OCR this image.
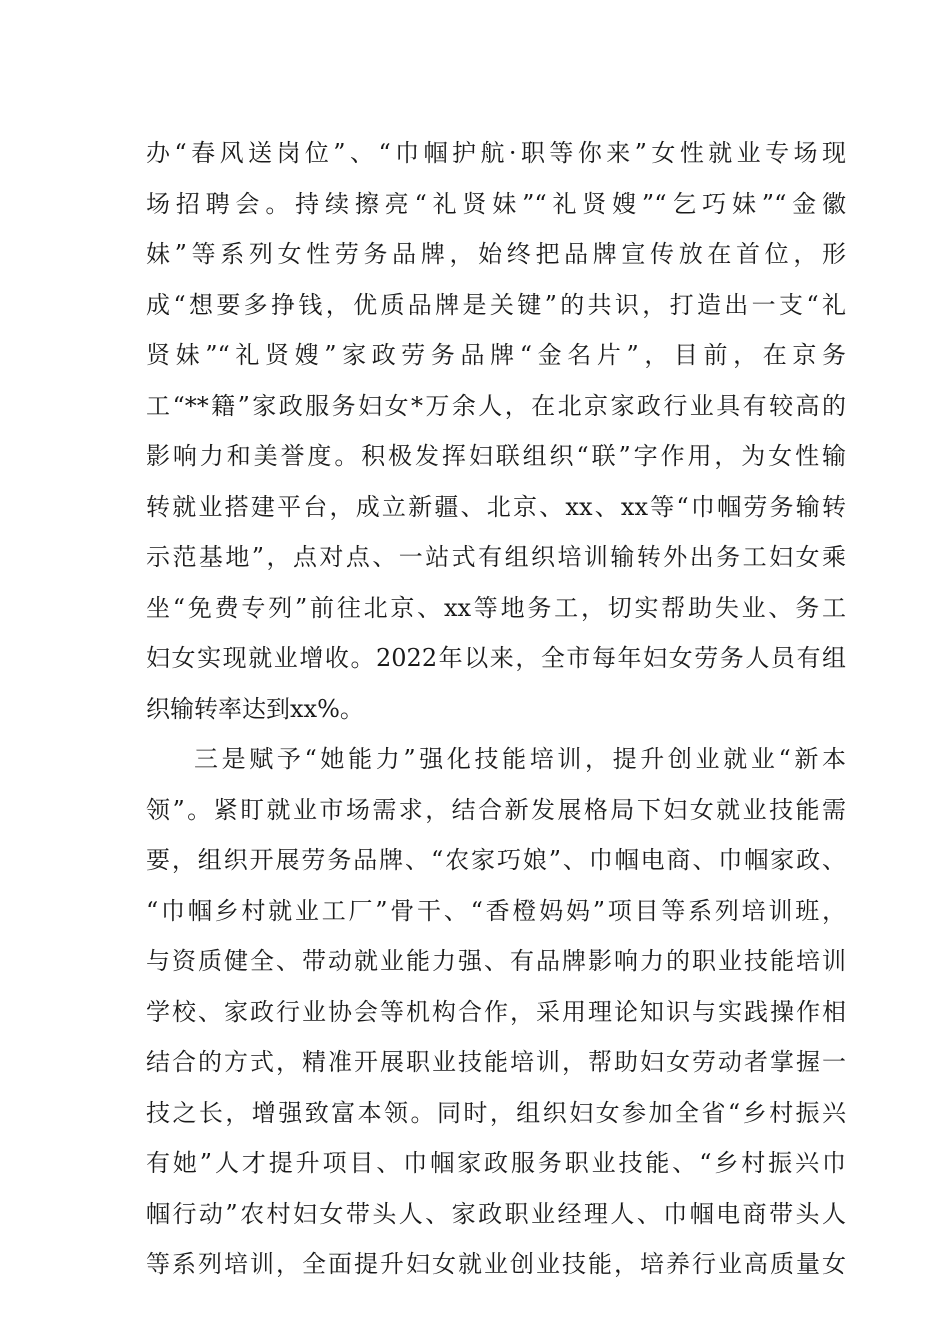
办“春风送岗位”、“巾帼护航·职等你来”女性就业专场现
场招聘会。持续擦亮“礼贤妹”“礼贤嫂”“乞巧妹”“金徽
妹”等系列女性劳务品牌，始终把品牌宣传放在首位，形
成“想要多挣钱，优质品牌是关键”的共识，打造出一支“礼
贤妹”“礼贤嫂”家政劳务品牌“金名片”，目前，在京务
工“**籍”家政服务妇女*万余人，在北京家政行业具有较高的
影响力和美誉度。积极发挥妇联组织“联”字作用，为女性输
转就业搭建平台，成立新疆、北京、xx、xx等“巾帼劳务输转
示范基地”，点对点、一站式有组织培训输转外出务工妇女乘
坐“免费专列”前往北京、xx等地务工，切实帮助失业、务工
妇女实现就业增收。2022年以来，全市每年妇女劳务人员有组
织输转率达到xx%。
三是赋予“她能力”强化技能培训，提升创业就业“新本
领”。紧盯就业市场需求，结合新发展格局下妇女就业技能需
要，组织开展劳务品牌、“农家巧娘”、巾帼电商、巾帼家政、
“巾帼乡村就业工厂”骨干、“香橙妈妈”项目等系列培训班，
与资质健全、带动就业能力强、有品牌影响力的职业技能培训
学校、家政行业协会等机构合作，采用理论知识与实践操作相
结合的方式，精准开展职业技能培训，帮助妇女劳动者掌握一
技之长，增强致富本领。同时，组织妇女参加全省“乡村振兴
有她”人才提升项目、巾帼家政服务职业技能、“乡村振兴巾
帼行动”农村妇女带头人、家政职业经理人、巾帼电商带头人
等系列培训，全面提升妇女就业创业技能，培养行业高质量女
